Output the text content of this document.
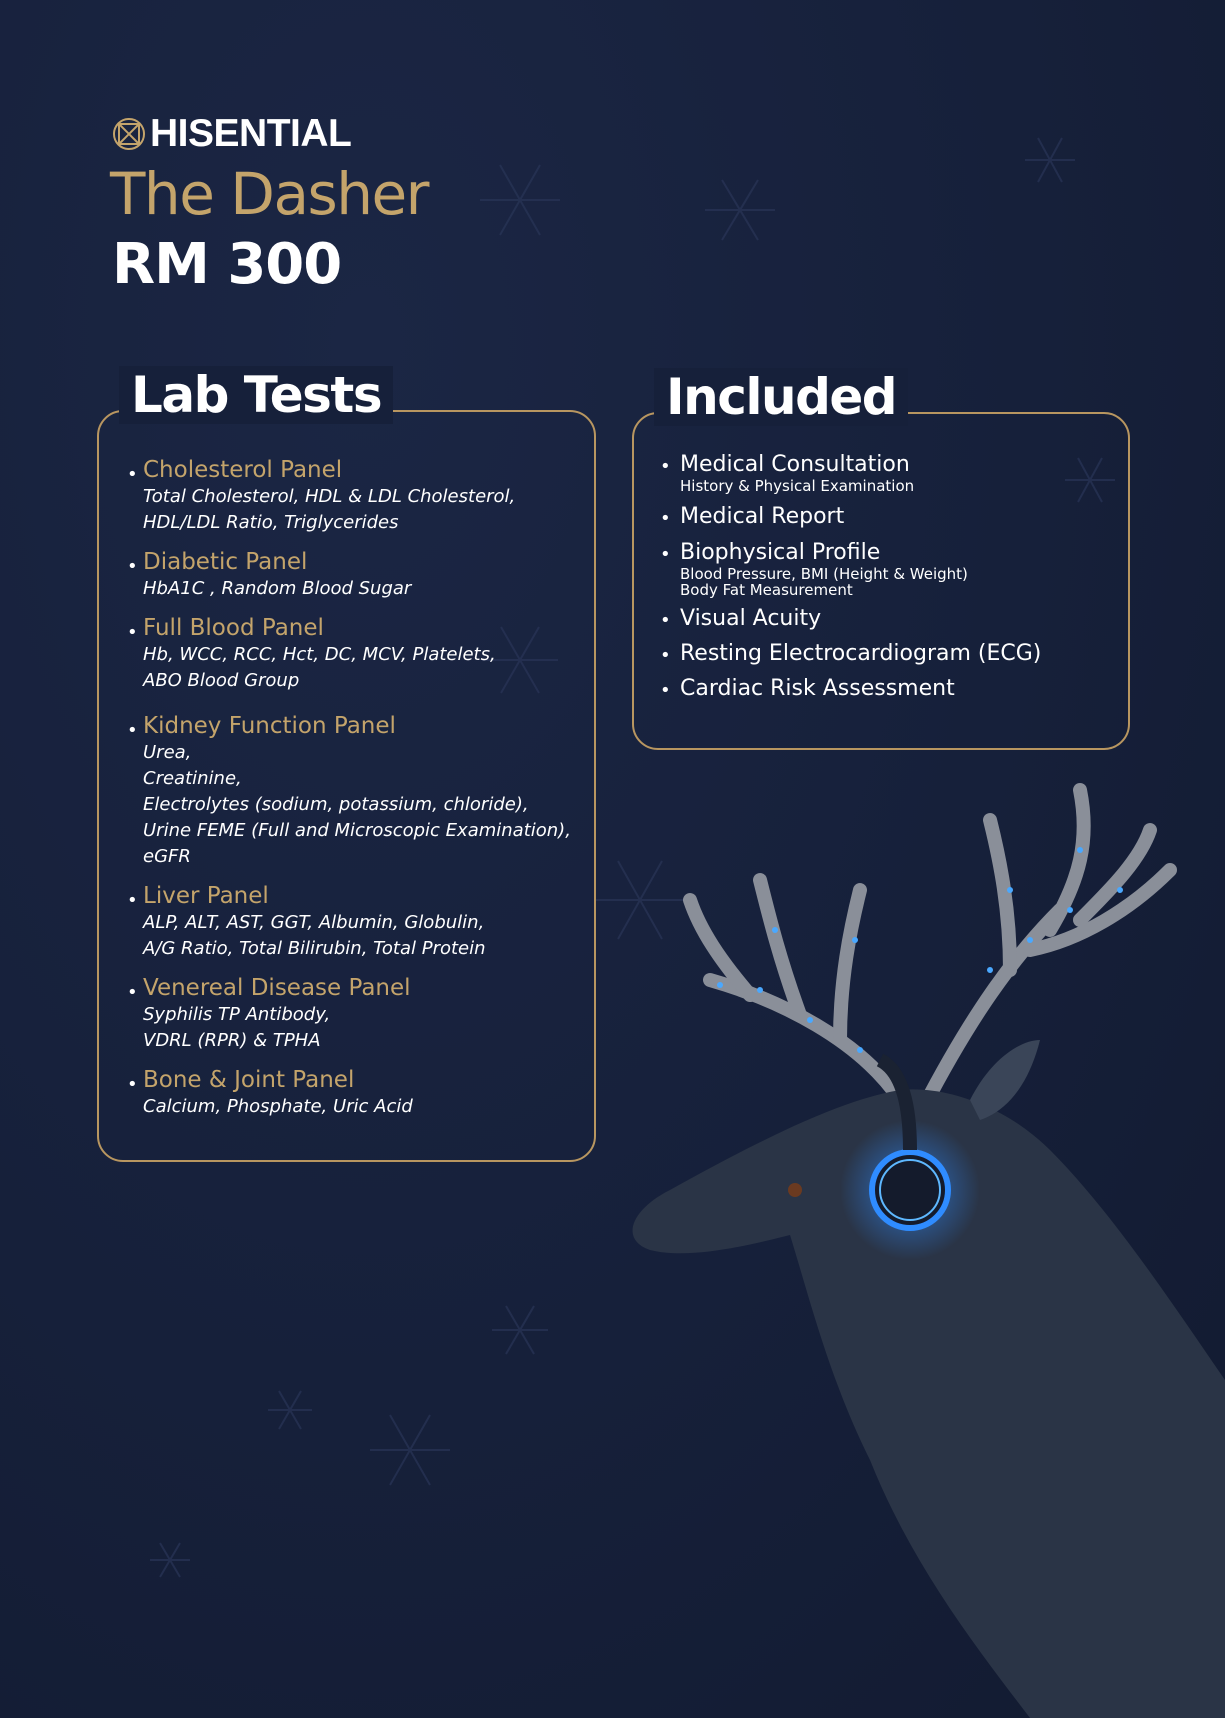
HISENTIAL
The Dasher
RM 300
Lab Tests
• Cholesterol Panel
Total Cholesterol, HDL & LDL Cholesterol,
HDL/LDL Ratio, Triglycerides
• Diabetic Panel
HbA1C , Random Blood Sugar
• Full Blood Panel
Hb, WCC, RCC, Hct, DC, MCV, Platelets,
ABO Blood Group
• Kidney Function Panel
Urea,
Creatinine,
Electrolytes (sodium, potassium, chloride),
Urine FEME (Full and Microscopic Examination),
eGFR
• Liver Panel
ALP, ALT, AST, GGT, Albumin, Globulin,
A/G Ratio, Total Bilirubin, Total Protein
• Venereal Disease Panel
Syphilis TP Antibody,
VDRL (RPR) & TPHA
• Bone & Joint Panel
Calcium, Phosphate, Uric Acid
Included
• Medical Consultation
History & Physical Examination
• Medical Report
• Biophysical Profile
Blood Pressure, BMI (Height & Weight)
Body Fat Measurement
• Visual Acuity
• Resting Electrocardiogram (ECG)
• Cardiac Risk Assessment
